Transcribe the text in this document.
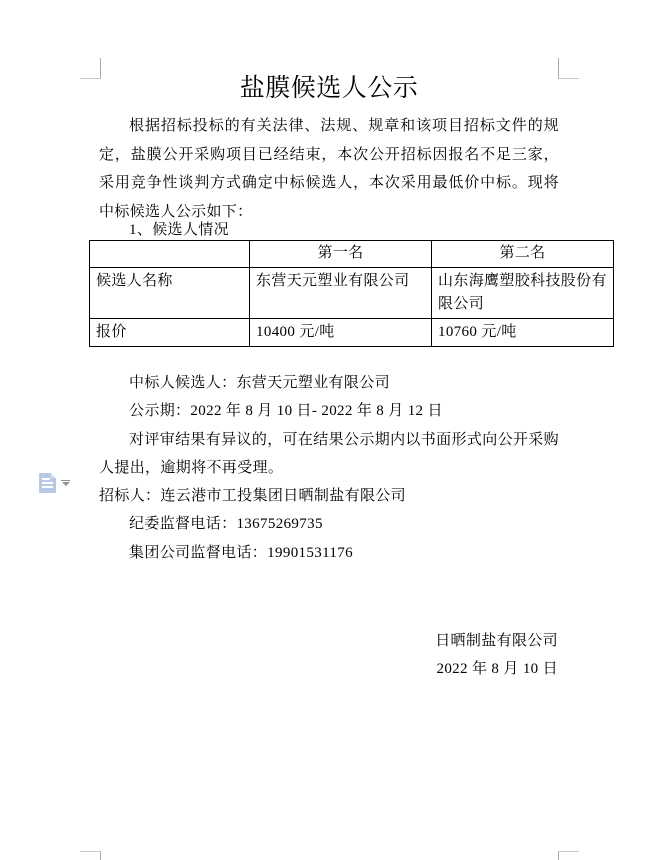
盐膜候选人公示

根据招标投标的有关法律、法规、规章和该项目招标文件的规定，盐膜公开采购项目已经结束，本次公开招标因报名不足三家，采用竞争性谈判方式确定中标候选人，本次采用最低价中标。现将中标候选人公示如下：

1、候选人情况

	第一名	第二名
候选人名称	东营天元塑业有限公司	山东海鹰塑胶科技股份有限公司
报价	10400 元/吨	10760 元/吨

中标人候选人：东营天元塑业有限公司

公示期：2022 年 8 月 10 日- 2022 年 8 月 12 日

对评审结果有异议的，可在结果公示期内以书面形式向公开采购人提出，逾期将不再受理。

招标人：连云港市工投集团日晒制盐有限公司

纪委监督电话：13675269735

集团公司监督电话：19901531176

日晒制盐有限公司

2022 年 8 月 10 日
